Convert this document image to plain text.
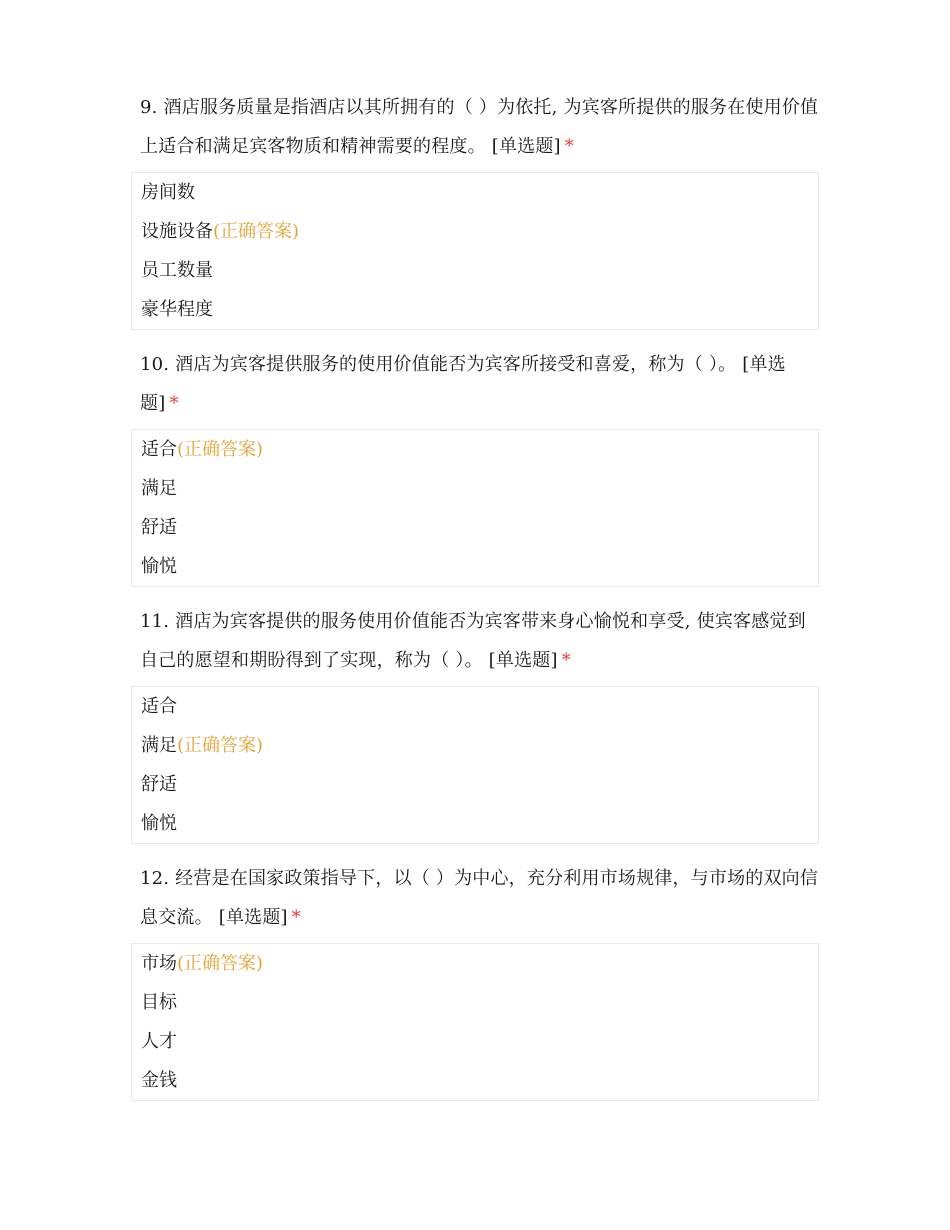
9. 酒店服务质量是指酒店以其所拥有的（ ）为依托, 为宾客所提供的服务在使用价值上适合和满足宾客物质和精神需要的程度。 [单选题] *
房间数
设施设备(正确答案)
员工数量
豪华程度
10. 酒店为宾客提供服务的使用价值能否为宾客所接受和喜爱，称为（ ）。 [单选题] *
适合(正确答案)
满足
舒适
愉悦
11. 酒店为宾客提供的服务使用价值能否为宾客带来身心愉悦和享受, 使宾客感觉到自己的愿望和期盼得到了实现，称为（ ）。 [单选题] *
适合
满足(正确答案)
舒适
愉悦
12. 经营是在国家政策指导下，以（ ）为中心，充分利用市场规律，与市场的双向信息交流。 [单选题] *
市场(正确答案)
目标
人才
金钱
